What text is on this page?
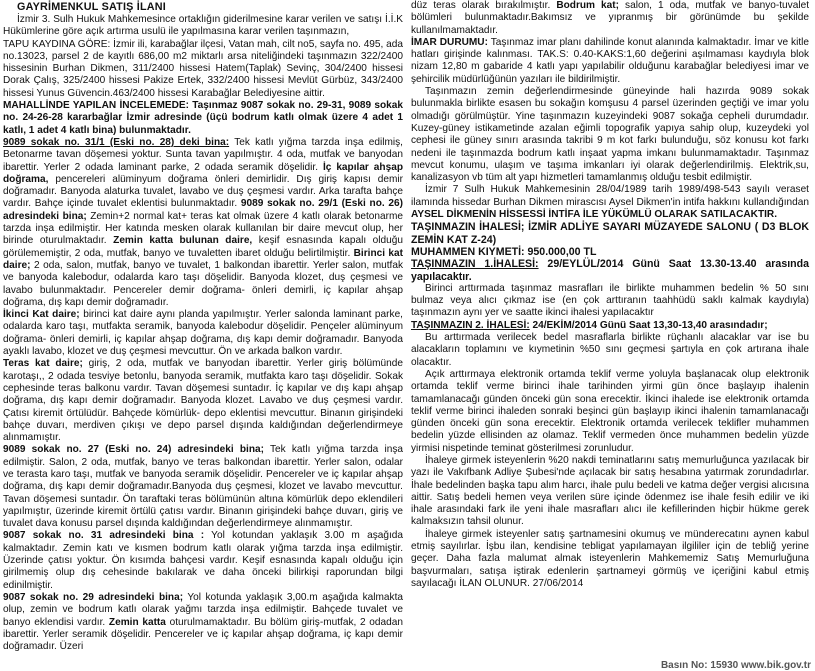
GAYRİMENKUL SATIŞ İLANI

İzmir 3. Sulh Hukuk Mahkemesince ortaklığın giderilmesine karar verilen ve satışı İ.İ.K Hükümlerine göre açık artırma usulü ile yapılmasına karar verilen taşınmazın,

TAPU KAYDINA GÖRE: İzmir ili, karabağlar ilçesi, Vatan mah, cilt no5, sayfa no. 495, ada no.13023, parsel 2 de kayıtlı 686,00 m2 miktarlı arsa niteliğindeki taşınmazın 322/2400 hissesinin Burhan Dikmen, 311/2400 hissesi Hatem(Taplak) Sevinç, 304/2400 hissesi Dorak Çalış, 325/2400 hissesi Pakize Ertek, 332/2400 hissesi Mevlüt Gürbüz, 343/2400 hissesi Yunus Güvencin.463/2400 hissesi Karabağlar Belediyesine aittir.

MAHALLİNDE YAPILAN İNCELEMEDE: Taşınmaz 9087 sokak no. 29-31, 9089 sokak no. 24-26-28 kararbağlar İzmir adresinde (üçü bodrum katlı olmak üzere 4 adet 1 katlı, 1 adet 4 katlı bina) bulunmaktadır.

9089 sokak no. 31/1 (Eski no. 28) deki bina: Tek katlı yığma tarzda inşa edilmiş, Betonarme tavan döşemesi yoktur. Sunta tavan yapılmıştır. 4 oda, mutfak ve banyodan ibarettir. Yerler 2 odada laminant parke, 2 odada seramik döşelidir. İç kapılar ahşap doğrama, pencereleri alüminyum doğrama önleri demirlidir. Dış giriş kapısı demir doğramadır. Banyoda alaturka tuvalet, lavabo ve duş çeşmesi vardır. Arka tarafta bahçe vardır. Bahçe içinde tuvalet eklentisi bulunmaktadır. 9089 sokak no. 29/1 (Eski no. 26) adresindeki bina; Zemin+2 normal kat+ teras kat olmak üzere 4 katlı olarak betonarme tarzda inşa edilmiştir. Her katında mesken olarak kullanılan bir daire mevcut olup, her birinde oturulmaktadır. Zemin katta bulunan daire, keşif esnasında kapalı olduğu görülememiştir, 2 oda, mutfak, banyo ve tuvaletten ibaret olduğu belirtilmiştir. Birinci kat daire; 2 oda, salon, mutfak, banyo ve tuvalet, 1 balkondan ibarettir. Yerler salon, mutfak ve banyoda kalebodur, odalarda karo taşı döşelidir. Banyoda klozet, duş çeşmesi ve lavabo bulunmaktadır. Pencereler demir doğrama- önleri demirli, iç kapılar ahşap doğrama, dış kapı demir doğramadır.

İkinci Kat daire; birinci kat daire aynı planda yapılmıştır. Yerler salonda laminant parke, odalarda karo taşı, mutfakta seramik, banyoda kalebodur döşelidir. Pençeler alüminyum doğrama- önleri demirli, iç kapılar ahşap doğrama, dış kapı demir doğramadır. Banyoda ayaklı lavabo, klozet ve duş çeşmesi mevcuttur. Ön ve arkada balkon vardır.

Teras kat daire; giriş, 2 oda, mutfak ve banyodan ibarettir. Yerler giriş bölümünde karotaşı,, 2 odada tesviye betonlu, banyoda seramik, mutfakta karo taşı döşelidir. Sokak cephesinde teras balkonu vardır. Tavan döşemesi suntadır. İç kapılar ve dış kapı ahşap doğrama, dış kapı demir doğramadır. Banyoda klozet. Lavabo ve duş çeşmesi vardır. Çatısı kiremit örtülüdür. Bahçede kömürlük- depo eklentisi mevcuttur. Binanın girişindeki bahçe duvarı, merdiven çıkışı ve depo parsel dışında kaldığından değerlendirmeye alınmamıştır.

9089 sokak no. 27 (Eski no. 24) adresindeki bina; Tek katlı yığma tarzda inşa edilmiştir. Salon, 2 oda, mutfak, banyo ve teras balkondan ibarettir. Yerler salon, odalar ve terasta karo taşı, mutfak ve banyoda seramik döşelidir. Pencereler ve iç kapılar ahşap doğrama, dış kapı demir doğramadır.Banyoda duş çeşmesi, klozet ve lavabo mevcuttur. Tavan döşemesi suntadır. Ön taraftaki teras bölümünün altına kömürlük depo eklendileri yapılmıştır, üzerinde kiremit örtülü çatısı vardır. Binanın girişindeki bahçe duvarı, giriş ve tuvalet dava konusu parsel dışında kaldığından değerlendirmeye alınmamıştır.

9087 sokak no. 31 adresindeki bina : Yol kotundan yaklaşık 3.00 m aşağıda kalmaktadır. Zemin katı ve kısmen bodrum katlı olarak yığma tarzda inşa edilmiştir. Üzerinde çatısı yoktur. Ön kısımda bahçesi vardır. Keşif esnasında kapalı olduğu için girilmemiş olup dış cehesinde bakılarak ve daha önceki bilirkişi raporundan bilgi edinilmiştir.

9087 sokak no. 29 adresindeki bina; Yol kotunda yaklaşık 3,00.m aşağıda kalmakta olup, zemin ve bodrum katlı olarak yağmı tarzda inşa edilmiştir. Bahçede tuvalet ve banyo eklendisi vardır. Zemin katta oturulmamaktadır. Bu bölüm giriş-mutfak, 2 odadan ibarettir. Yerler seramik döşelidir. Pencereler ve iç kapılar ahşap doğrama, iç kapı demir doğramadır. Üzeri

düz teras olarak bırakılmıştır. Bodrum kat; salon, 1 oda, mutfak ve banyo-tuvalet bölümleri bulunmaktadır.Bakımsız ve yıpranmış bir görünümde bu şekilde kullanılmamaktadır.

İMAR DURUMU: Taşınmaz imar planı dahilinde konut alanında kalmaktadır. İmar ve kitle hatları girişinde kalınması. TAK.S: 0.40-KAKS:1,60 değerini aşılmaması kaydıyla blok nizam 12,80 m gabaride 4 katlı yapı yapılabilir olduğunu karabağlar belediyesi imar ve şehircilik müdürlüğünün yazıları ile bildirilmiştir.

Taşınmazın zemin değerlendirmesinde güneyinde hali hazırda 9089 sokak bulunmakla birlikte esasen bu sokağın komşusu 4 parsel üzerinden geçtiği ve imar yolu olmadığı görülmüştür. Yine taşınmazın kuzeyindeki 9087 sokağa cepheli durumdadır. Kuzey-güney istikametinde azalan eğimli topografik yapıya sahip olup, kuzeydeki yol cephesi ile güney sınırı arasında takribi 9 m kot farkı bulunduğu, söz konusu kot farkı nedeni ile taşınmazda bodrum katlı inşaat yapma imkanı bulunmamaktadır. Taşınmaz mevcut konumu, ulaşım ve taşıma imkanları iyi olarak değerlendirilmiş. Elektrik,su, kanalizasyon vb tüm alt yapı hizmetleri tamamlanmış olduğu tesbit edilmiştir.

İzmir 7 Sulh Hukuk Mahkemesinin 28/04/1989 tarih 1989/498-543 sayılı veraset ilamında hissedar Burhan Dikmen mirascısı Aysel Dikmen'in intifa hakkını kullandığından AYSEL DİKMENİN HİSSESSİ İNTİFA İLE YÜKÜMLÜ OLARAK SATILACAKTIR.

TAŞINMAZIN İHALESİ; İZMİR ADLİYE SAYARI MÜZAYEDE SALONU ( D3 BLOK ZEMİN KAT Z-24)

MUHAMMEN KIYMETİ: 950.000,00 TL

TAŞINMAZIN 1.İHALESİ: 29/EYLÜL/2014 Günü Saat 13.30-13.40 arasında yapılacaktır.

Birinci arttırmada taşınmaz masrafları ile birlikte muhammen bedelin % 50 sını bulmaz veya alıcı çıkmaz ise (en çok arttıranın taahhüdü saklı kalmak kaydıyla) taşınmazın aynı yer ve saatte ikinci ihalesi yapılacaktır

TAŞINMAZIN 2. İHALESİ: 24/EKİM/2014 Günü Saat 13,30-13,40 arasındadır;

Bu arttırmada verilecek bedel masraflarla birlikte rüçhanlı alacaklar var ise bu alacakların toplamını ve kıymetinin %50 sını geçmesi şartıyla en çok artırana ihale olacaktır.

Açık arttırmaya elektronik ortamda teklif verme yoluyla başlanacak olup elektronik ortamda teklif verme birinci ihale tarihinden yirmi gün önce başlayıp ihalenin tamamlanacağı günden önceki gün sona erecektir. İkinci ihalede ise elektronik ortamda teklif verme birinci ihaleden sonraki beşinci gün başlayıp ikinci ihalenin tamamlanacağı günden önceki gün sona erecektir. Elektronik ortamda verilecek teklifler muhammen bedelin yüzde ellisinden az olamaz. Teklif vermeden önce muhammen bedelin yüzde yirmisi nispetinde teminat gösterilmesi zorunludur.

İhaleye girmek isteyenlerin %20 nakdi teminatlarını satış memurluğunca yazılacak bir yazı ile Vakıfbank Adliye Şubesi'nde açılacak bir satış hesabına yatırmak zorundadırlar. İhale bedelinden başka tapu alım harcı, ihale pulu bedeli ve katma değer vergisi alıcısına aittir. Satış bedeli hemen veya verilen süre içinde ödenmez ise ihale fesih edilir ve iki ihale arasındaki fark ile yeni ihale masrafları alıcı ile kefillerinden hiçbir hükme gerek kalmaksızın tahsil olunur.

İhaleye girmek isteyenler satış şartnamesini okumuş ve münderecatını aynen kabul etmiş sayılırlar. İşbu ilan, kendisine tebligat yapılamayan ilgililer için de tebliğ yerine geçer. Daha fazla malumat almak isteyenlerin Mahkememiz Satış Memurluğuna başvurmaları, satışa iştirak edenlerin şartnameyi görmüş ve içeriğini kabul etmiş sayılacağı İLAN OLUNUR. 27/06/2014

Basın No: 15930 www.bik.gov.tr
